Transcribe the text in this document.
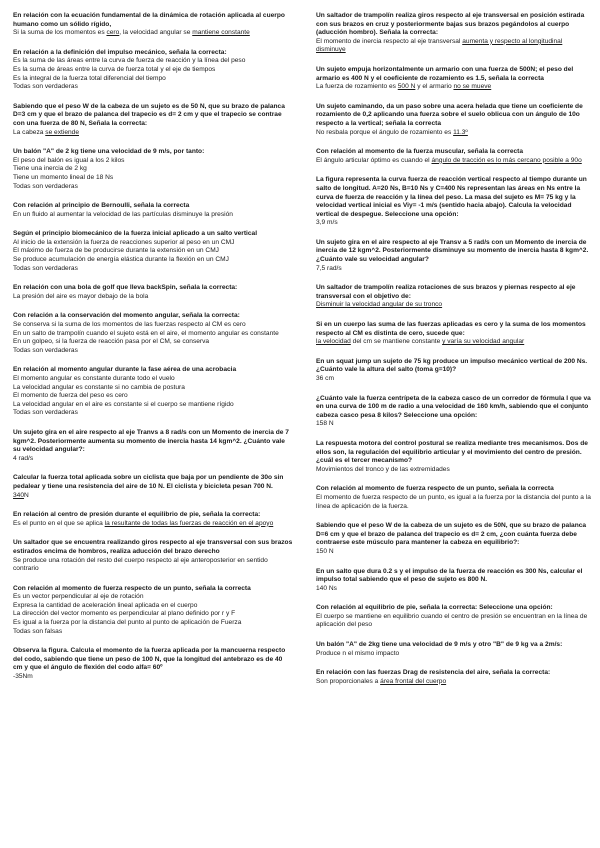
En relación con la ecuación fundamental de la dinámica de rotación aplicada al cuerpo humano como un sólido rígido,

Si la suma de los momentos es cero, la velocidad angular se mantiene constante

En relación a la definición del impulso mecánico, señala la correcta:

Es la suma de las áreas entre la curva de fuerza de reacción y la línea del peso

Es la suma de áreas entre la curva de fuerza total y el eje de tiempos

Es la integral de la fuerza total diferencial del tiempo

Todas son verdaderas

Sabiendo que el peso W de la cabeza de un sujeto es de 50 N, que su brazo de palanca D=3 cm y que el brazo de palanca del trapecio es d= 2 cm y que el trapecio se contrae con una fuerza de 80 N, Señala la correcta:

La cabeza se extiende

Un balón "A" de 2 kg tiene una velocidad de 9 m/s, por tanto:

El peso del balón es igual a los 2 kilos

Tiene una inercia de 2 kg

Tiene un momento lineal de 18 Ns

Todas son verdaderas

Con relación al principio de Bernoulli, señala la correcta

En un fluido al aumentar la velocidad de las partículas disminuye la presión

Según el principio biomecánico de la fuerza inicial aplicado a un salto vertical

Al inicio de la extensión la fuerza de reacciones superior al peso en un CMJ

El máximo de fuerza de be producirse durante la extensión en un CMJ

Se produce acumulación de energía elástica durante la flexión en un CMJ

Todas son verdaderas

En relación con una bola de golf que lleva backSpin, señala la correcta:

La presión del aire es mayor debajo de la bola

Con relación a la conservación del momento angular, señala la correcta:

Se conserva si la suma de los momentos de las fuerzas respecto al CM es cero

En un salto de trampolín cuando el sujeto está en el aire, el momento angular es constante

En un golpeo, si la fuerza de reacción pasa por el CM, se conserva

Todas son verdaderas

En relación al momento angular durante la fase aérea de una acrobacia

El momento angular es constante durante todo el vuelo

La velocidad angular es constante si no cambia de postura

El momento de fuerza del peso es cero

La velocidad angular en el aire es constante si el cuerpo se mantiene rígido

Todas son verdaderas

Un sujeto gira en el aire respecto al eje Tranvs a 8 rad/s con un Momento de inercia de 7 kgm^2. Posteriormente aumenta su momento de inercia hasta 14 kgm^2. ¿Cuánto vale su velocidad angular?:

4 rad/s

Calcular la fuerza total aplicada sobre un ciclista que baja por un pendiente de 30o sin pedalear y tiene una resistencia del aire de 10 N. El ciclista y bicicleta pesan 700 N.

340N

En relación al centro de presión durante el equilibrio de pie, señala la correcta:

Es el punto en el que se aplica la resultante de todas las fuerzas de reacción en el apoyo

Un saltador que se encuentra realizando giros respecto al eje transversal con sus brazos estirados encima de hombros, realiza aducción del brazo derecho

Se produce una rotación del resto del cuerpo respecto al eje anteroposterior en sentido contrario

Con relación al momento de fuerza respecto de un punto, señala la correcta

Es un vector perpendicular al eje de rotación

Expresa la cantidad de aceleración lineal aplicada en el cuerpo

La dirección del vector momento es perpendicular al plano definido por r y F

Es igual a la fuerza por la distancia del punto al punto de aplicación de Fuerza

Todas son falsas

Observa la figura. Calcula el momento de la fuerza aplicada por la mancuerna respecto del codo, sabiendo que tiene un peso de 100 N, que la longitud del antebrazo es de 40 cm y que el ángulo de flexión del codo alfa= 60º

-35Nm

Un saltador de trampolín realiza giros respecto al eje transversal en posición estirada con sus brazos en cruz y posteriormente bajas sus brazos pegándolos al cuerpo (aducción hombro). Señala la correcta:

El momento de inercia respecto al eje transversal aumenta y respecto al longitudinal disminuye

Un sujeto empuja horizontalmente un armario con una fuerza de 500N; el peso del armario es 400 N y el coeficiente de rozamiento es 1.5, señala la correcta

La fuerza de rozamiento es 500 N y el armario no se mueve

Un sujeto caminando, da un paso sobre una acera helada que tiene un coeficiente de rozamiento de 0,2 aplicando una fuerza sobre el suelo oblicua con un ángulo de 10o respecto a la vertical; señala la correcta

No resbala porque el ángulo de rozamiento es 11.3º

Con relación al momento de la fuerza muscular, señala la correcta

El ángulo articular óptimo es cuando el ángulo de tracción es lo más cercano posible a 90o

La figura representa la curva fuerza de reacción vertical respecto al tiempo durante un salto de longitud. A=20 Ns, B=10 Ns y C=400 Ns representan las áreas en Ns entre la curva de fuerza de reacción y la línea del peso. La masa del sujeto es M= 75 kg y la velocidad vertical inicial es Viy= -1 m/s (sentido hacia abajo). Calcula la velocidad vertical de despegue. Seleccione una opción:

3,9 m/s

Un sujeto gira en el aire respecto al eje Transv a 5 rad/s con un Momento de inercia de inercia de 12 kgm^2. Posteriormente disminuye su momento de inercia hasta 8 kgm^2. ¿Cuánto vale su velocidad angular?

7,5 rad/s

Un saltador de trampolín realiza rotaciones de sus brazos y piernas respecto al eje transversal con el objetivo de:

Disminuir la velocidad angular de su tronco

Si en un cuerpo las suma de las fuerzas aplicadas es cero y la suma de los momentos respecto al CM es distinta de cero, sucede que:

la velocidad del cm se mantiene constante y varía su velocidad angular

En un squat jump un sujeto de 75 kg produce un impulso mecánico vertical de 200 Ns. ¿Cuánto vale la altura del salto (toma g=10)?

36 cm

¿Cuánto vale la fuerza centrípeta de la cabeza casco de un corredor de fórmula I que va en una curva de 100 m de radio a una velocidad de 160 km/h, sabiendo que el conjunto cabeza casco pesa 8 kilos? Seleccione una opción:

158 N

La respuesta motora del control postural se realiza mediante tres mecanismos. Dos de ellos son, la regulación del equilibrio articular y el movimiento del centro de presión. ¿cuál es el tercer mecanismo?

Movimientos del tronco y de las extremidades

Con relación al momento de fuerza respecto de un punto, señala la correcta

El momento de fuerza respecto de un punto, es igual a la fuerza por la distancia del punto a la línea de aplicación de la fuerza.

Sabiendo que el peso W de la cabeza de un sujeto es de 50N, que su brazo de palanca D=6 cm y que el brazo de palanca del trapecio es d= 2 cm, ¿con cuánta fuerza debe contraerse este músculo para mantener la cabeza en equilibrio?:

150 N

En un salto que dura 0.2 s y el impulso de la fuerza de reacción es 300 Ns, calcular el impulso total sabiendo que el peso de sujeto es 800 N.

140 Ns

Con relación al equilibrio de pie, señala la correcta: Seleccione una opción:

El cuerpo se mantiene en equilibrio cuando el centro de presión se encuentran en la línea de aplicación del peso

Un balón "A" de 2kg tiene una velocidad de 9 m/s y otro "B" de 9 kg va a 2m/s:

Produce n el mismo impacto

En relación con las fuerzas Drag de resistencia del aire, señala la correcta:

Son proporcionales a área frontal del cuerpo
